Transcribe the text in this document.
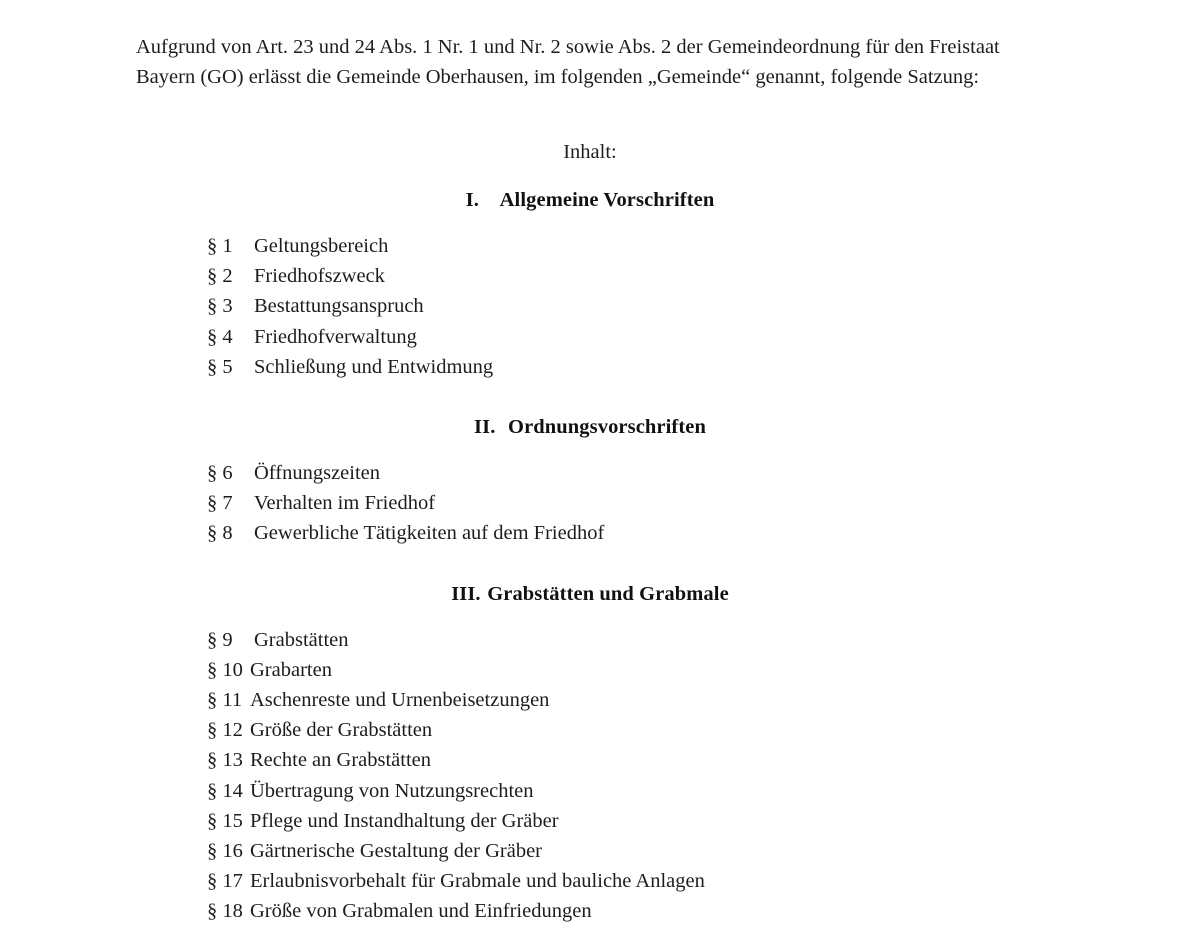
Aufgrund von Art. 23 und 24 Abs. 1 Nr. 1 und Nr. 2 sowie Abs. 2 der Gemeindeordnung für den Freistaat Bayern (GO) erlässt die Gemeinde Oberhausen, im folgenden „Gemeinde“ genannt, folgende Satzung:

Inhalt:
I. Allgemeine Vorschriften
§ 1 Geltungsbereich
§ 2 Friedhofszweck
§ 3 Bestattungsanspruch
§ 4 Friedhofverwaltung
§ 5 Schließung und Entwidmung
II. Ordnungsvorschriften
§ 6 Öffnungszeiten
§ 7 Verhalten im Friedhof
§ 8 Gewerbliche Tätigkeiten auf dem Friedhof
III. Grabstätten und Grabmale
§ 9 Grabstätten
§ 10 Grabarten
§ 11 Aschenreste und Urnenbeisetzungen
§ 12 Größe der Grabstätten
§ 13 Rechte an Grabstätten
§ 14 Übertragung von Nutzungsrechten
§ 15 Pflege und Instandhaltung der Gräber
§ 16 Gärtnerische Gestaltung der Gräber
§ 17 Erlaubnisvorbehalt für Grabmale und bauliche Anlagen
§ 18 Größe von Grabmalen und Einfriedungen
